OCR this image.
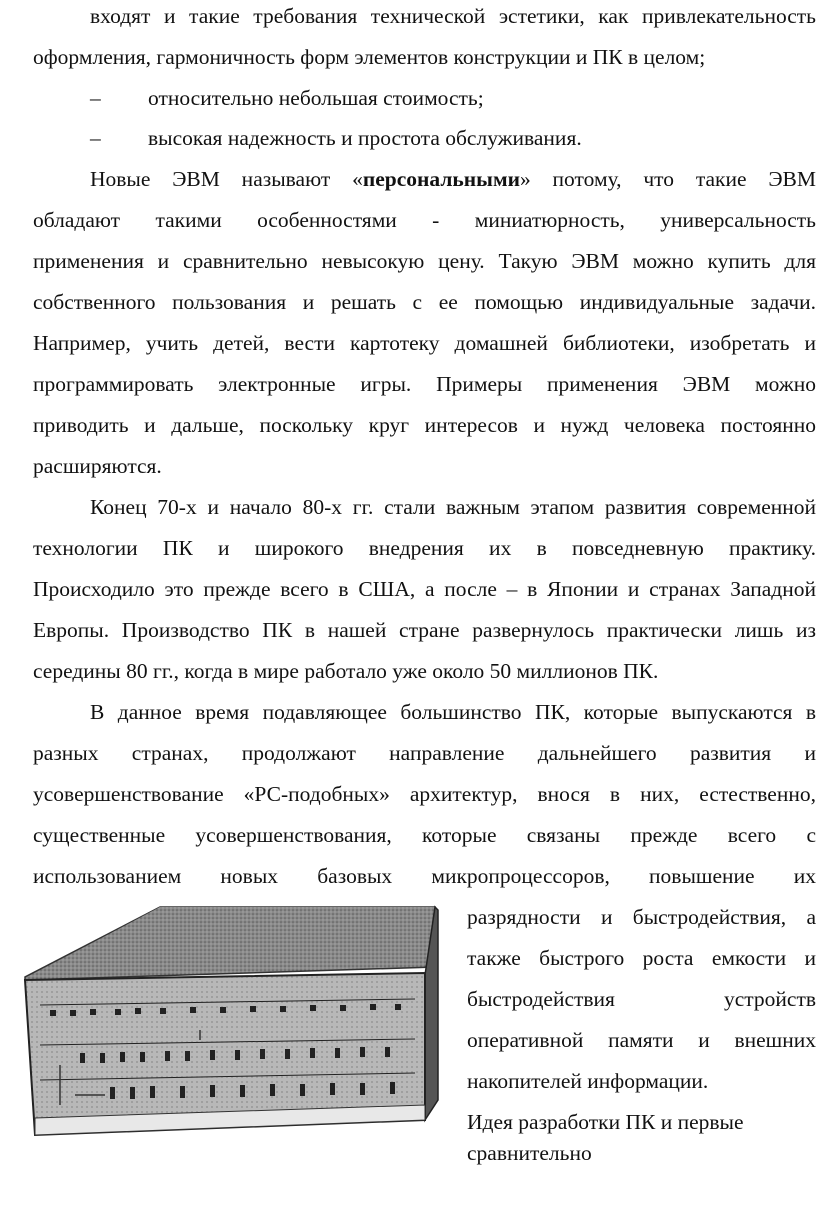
входят и такие требования технической эстетики, как привлекательность
оформления, гармоничность форм элементов конструкции и ПК в целом;
– относительно небольшая стоимость;
– высокая надежность и простота обслуживания.
Новые ЭВМ называют «персональными» потому, что такие ЭВМ
обладают такими особенностями - миниатюрность, универсальность
применения и сравнительно невысокую цену. Такую ЭВМ можно купить для
собственного пользования и решать с ее помощью индивидуальные задачи.
Например, учить детей, вести картотеку домашней библиотеки, изобретать и
программировать электронные игры. Примеры применения ЭВМ можно
приводить и дальше, поскольку круг интересов и нужд человека постоянно
расширяются.
Конец 70-х и начало 80-х гг. стали важным этапом развития современной
технологии ПК и широкого внедрения их в повседневную практику.
Происходило это прежде всего в США, а после – в Японии и странах Западной
Европы. Производство ПК в нашей стране развернулось практически лишь из
середины 80 гг., когда в мире работало уже около 50 миллионов ПК.
В данное время подавляющее большинство ПК, которые выпускаются в
разных странах, продолжают направление дальнейшего развития и
усовершенствование «РС-подобных» архитектур, внося в них, естественно,
существенные усовершенствования, которые связаны прежде всего с
использованием новых базовых микропроцессоров, повышение их
разрядности и быстродействия, а
также быстрого роста емкости и
быстродействия устройств
оперативной памяти и внешних
накопителей информации.
Идея разработки ПК и первые
сравнительно
